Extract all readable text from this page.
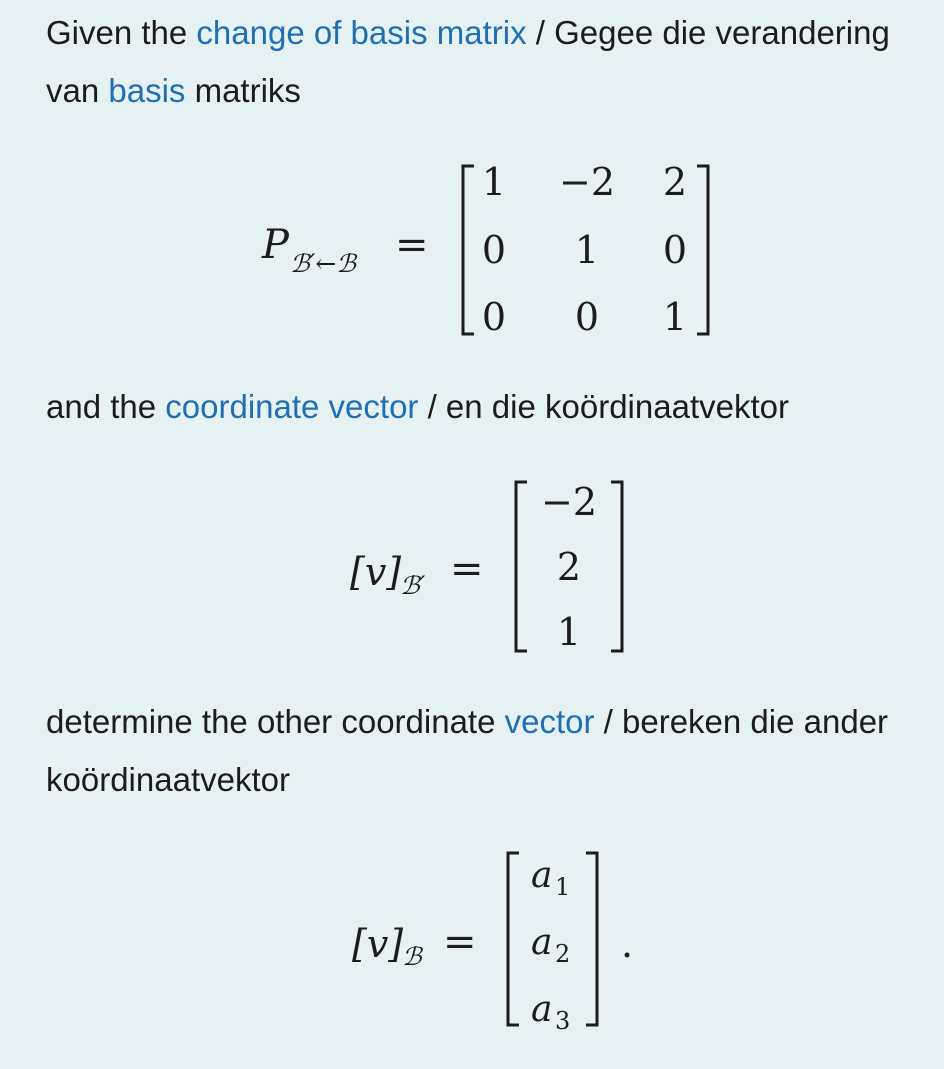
Given the change of basis matrix / Gegee die verandering van basis matriks

P ℬ′←ℬ =
1 −2 2
0 1 0
0 0 1

and the coordinate vector / en die koördinaatvektor

[v]
ℬ′ =
−2
2
1

determine the other coordinate vector / bereken die ander koördinaatvektor

[v]
ℬ =
a 1
a 2
a 3
.
